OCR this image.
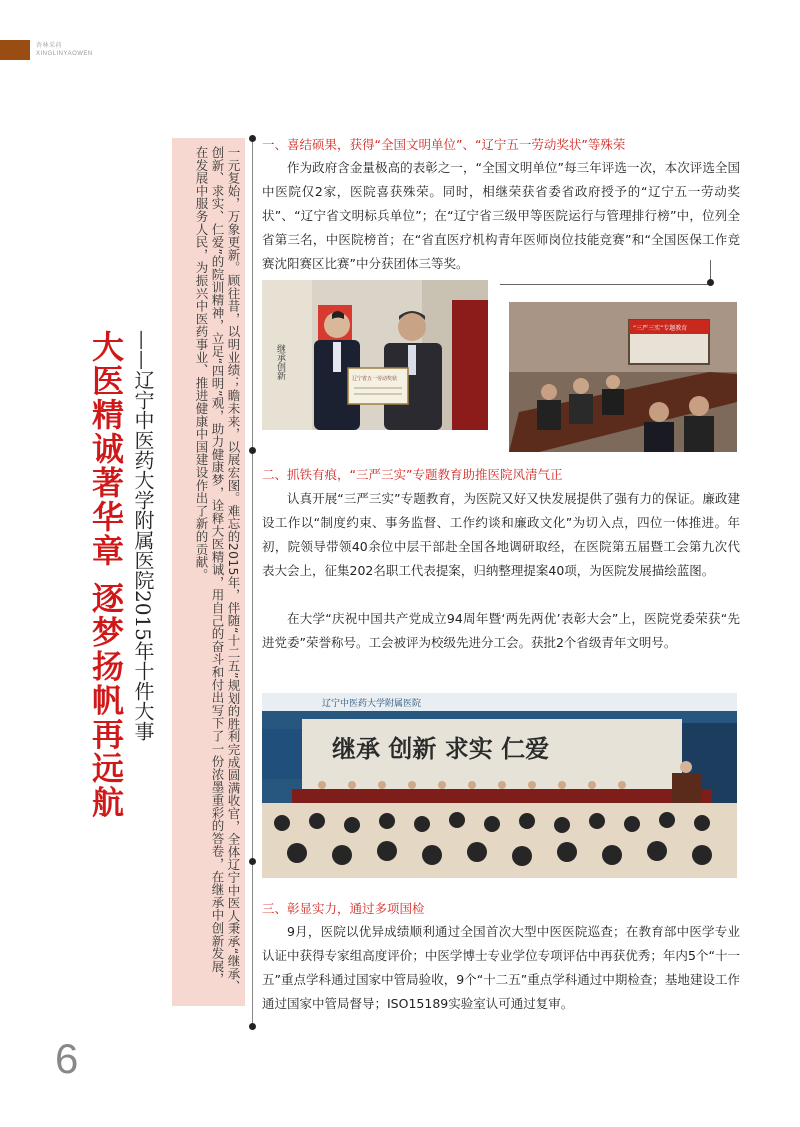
杏林采荷
XINGLINYAOWEN
大医精诚著华章 逐梦扬帆再远航 ——辽宁中医药大学附属医院2015年十件大事	一元复始，万象更新。顾往昔，以明业绩；瞻未来，以展宏图。难忘的2015年，伴随“十二五”规划的胜利完成圆满收官，全体辽宁中医人秉承“继承、创新、求实、仁爱”的院训精神，立足“四明”观，助力健康梦，诠释大医精诚，用自己的奋斗和付出写下了一份浓墨重彩的答卷，在继承中创新发展，在发展中服务人民，为振兴中医药事业、推进健康中国建设作出了新的贡献。
一、喜结硕果，获得“全国文明单位”、“辽宁五一劳动奖状”等殊荣

作为政府含金量极高的表彰之一，“全国文明单位”每三年评选一次，本次评选全国中医院仅2家，医院喜获殊荣。同时，相继荣获省委省政府授予的“辽宁五一劳动奖状”、“辽宁省文明标兵单位”；在“辽宁省三级甲等医院运行与管理排行榜”中，位列全省第三名，中医院榜首；在“省直医疗机构青年医师岗位技能竞赛”和“全国医保工作竞赛沈阳赛区比赛”中分获团体三等奖。

继承创新	辽宁省五一劳动奖状
“三严三实”专题教育
二、抓铁有痕，“三严三实”专题教育助推医院风清气正

认真开展“三严三实”专题教育，为医院又好又快发展提供了强有力的保证。廉政建设工作以“制度约束、事务监督、工作约谈和廉政文化”为切入点，四位一体推进。年初，院领导带领40余位中层干部赴全国各地调研取经，在医院第五届暨工会第九次代表大会上，征集202名职工代表提案，归纳整理提案40项，为医院发展描绘蓝图。

在大学“庆祝中国共产党成立94周年暨‘两先两优’表彰大会”上，医院党委荣获“先进党委”荣誉称号。工会被评为校级先进分工会。获批2个省级青年文明号。

辽宁中医药大学附属医院
继承 创新 求实 仁爱
三、彰显实力，通过多项国检

9月，医院以优异成绩顺利通过全国首次大型中医医院巡查；在教育部中医学专业认证中获得专家组高度评价；中医学博士专业学位专项评估中再获优秀；年内5个“十一五”重点学科通过国家中管局验收，9个“十二五”重点学科通过中期检查；基地建设工作通过国家中管局督导；ISO15189实验室认可通过复审。

6
